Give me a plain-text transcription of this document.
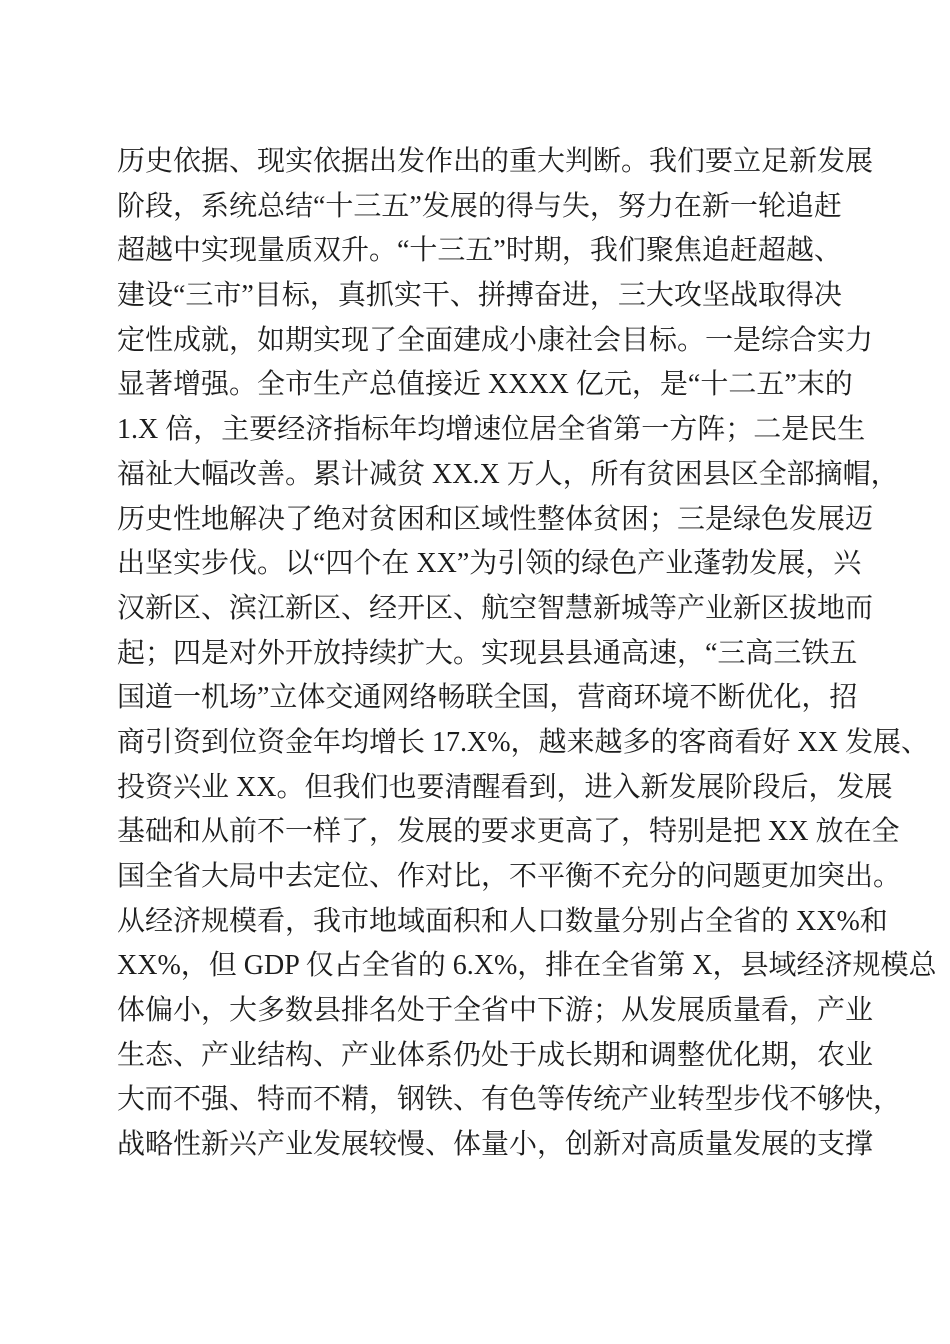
历史依据、现实依据出发作出的重大判断。我们要立足新发展
阶段，系统总结“十三五”发展的得与失，努力在新一轮追赶
超越中实现量质双升。“十三五”时期，我们聚焦追赶超越、
建设“三市”目标，真抓实干、拼搏奋进，三大攻坚战取得决
定性成就，如期实现了全面建成小康社会目标。一是综合实力
显著增强。全市生产总值接近 XXXX 亿元，是“十二五”末的
1.X 倍，主要经济指标年均增速位居全省第一方阵；二是民生
福祉大幅改善。累计减贫 XX.X 万人，所有贫困县区全部摘帽，
历史性地解决了绝对贫困和区域性整体贫困；三是绿色发展迈
出坚实步伐。以“四个在 XX”为引领的绿色产业蓬勃发展，兴
汉新区、滨江新区、经开区、航空智慧新城等产业新区拔地而
起；四是对外开放持续扩大。实现县县通高速，“三高三铁五
国道一机场”立体交通网络畅联全国，营商环境不断优化，招
商引资到位资金年均增长 17.X%，越来越多的客商看好 XX 发展、
投资兴业 XX。但我们也要清醒看到，进入新发展阶段后，发展
基础和从前不一样了，发展的要求更高了，特别是把 XX 放在全
国全省大局中去定位、作对比，不平衡不充分的问题更加突出。
从经济规模看，我市地域面积和人口数量分别占全省的 XX%和
XX%，但 GDP 仅占全省的 6.X%，排在全省第 X，县域经济规模总
体偏小，大多数县排名处于全省中下游；从发展质量看，产业
生态、产业结构、产业体系仍处于成长期和调整优化期，农业
大而不强、特而不精，钢铁、有色等传统产业转型步伐不够快，
战略性新兴产业发展较慢、体量小，创新对高质量发展的支撑
